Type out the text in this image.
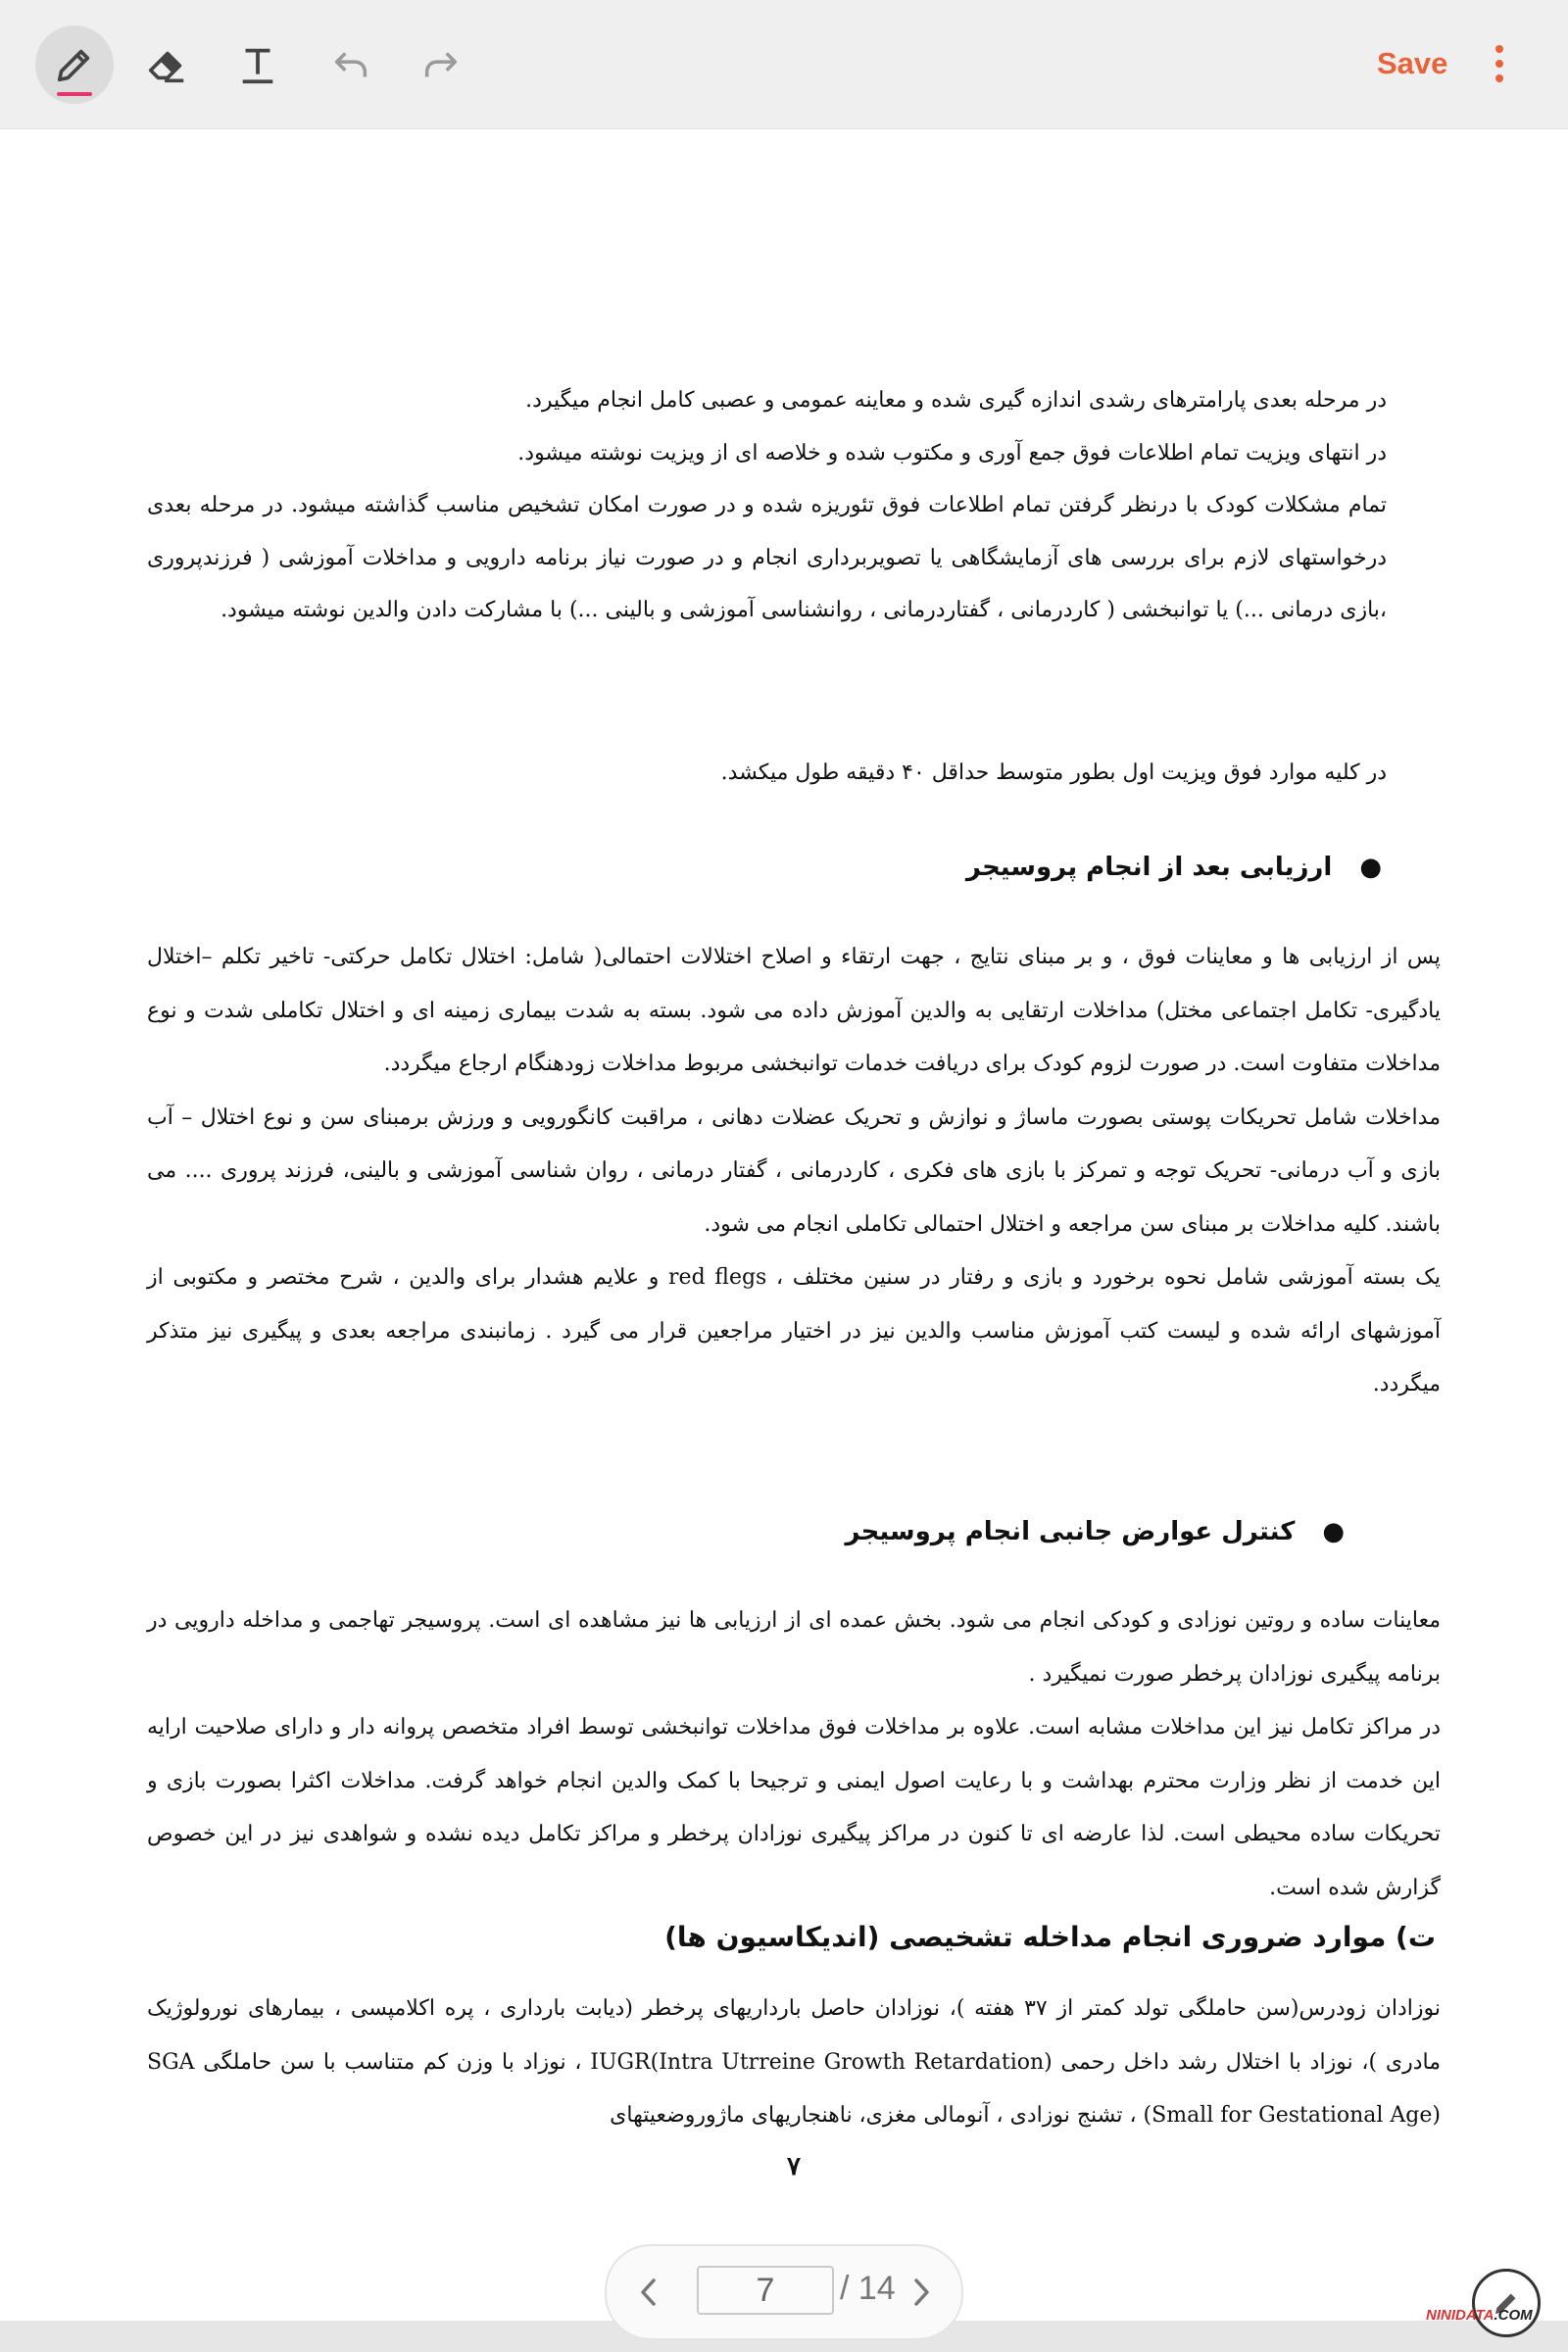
Save

در مرحله بعدی پارامترهای رشدی اندازه گیری شده و معاینه عمومی و عصبی کامل انجام میگیرد.

در انتهای ویزیت تمام اطلاعات فوق جمع آوری و مکتوب شده و خلاصه ای از ویزیت نوشته میشود.

تمام مشکلات کودک با درنظر گرفتن تمام اطلاعات فوق تئوریزه شده و در صورت امکان تشخیص مناسب گذاشته میشود. در مرحله بعدی درخواستهای لازم برای بررسی های آزمایشگاهی یا تصویربرداری انجام و در صورت نیاز برنامه دارویی و مداخلات آموزشی ( فرزندپروری ،بازی درمانی ...) یا توانبخشی ( کاردرمانی ، گفتاردرمانی ، روانشناسی آموزشی و بالینی ...) با مشارکت دادن والدین نوشته میشود.

در کلیه موارد فوق ویزیت اول بطور متوسط حداقل ۴۰ دقیقه طول میکشد.
●ارزیابی بعد از انجام پروسیجر

پس از ارزیابی ها و معاینات فوق ، و بر مبنای نتایج ، جهت ارتقاء و اصلاح اختلالات احتمالی( شامل: اختلال تکامل حرکتی- تاخیر تکلم –اختلال یادگیری- تکامل اجتماعی مختل) مداخلات ارتقایی به والدین آموزش داده می شود. بسته به شدت بیماری زمینه ای و اختلال تکاملی شدت و نوع مداخلات متفاوت است. در صورت لزوم کودک برای دریافت خدمات توانبخشی مربوط مداخلات زودهنگام ارجاع میگردد.

مداخلات شامل تحریکات پوستی بصورت ماساژ و نوازش و تحریک عضلات دهانی ، مراقبت کانگورویی و ورزش برمبنای سن و نوع اختلال – آب بازی و آب درمانی- تحریک توجه و تمرکز با بازی های فکری ، کاردرمانی ، گفتار درمانی ، روان شناسی آموزشی و بالینی، فرزند پروری .... می باشند. کلیه مداخلات بر مبنای سن مراجعه و اختلال احتمالی تکاملی انجام می شود.

یک بسته آموزشی شامل نحوه برخورد و بازی و رفتار در سنین مختلف ، red flegs و علایم هشدار برای والدین ، شرح مختصر و مکتوبی از آموزشهای ارائه شده و لیست کتب آموزش مناسب والدین نیز در اختیار مراجعین قرار می گیرد . زمانبندی مراجعه بعدی و پیگیری نیز متذکر میگردد.

●کنترل عوارض جانبی انجام پروسیجر

معاینات ساده و روتین نوزادی و کودکی انجام می شود. بخش عمده ای از ارزیابی ها نیز مشاهده ای است. پروسیجر تهاجمی و مداخله دارویی در برنامه پیگیری نوزادان پرخطر صورت نمیگیرد .

در مراکز تکامل نیز این مداخلات مشابه است. علاوه بر مداخلات فوق مداخلات توانبخشی توسط افراد متخصص پروانه دار و دارای صلاحیت ارایه این خدمت از نظر وزارت محترم بهداشت و با رعایت اصول ایمنی و ترجیحا با کمک والدین انجام خواهد گرفت. مداخلات اکثرا بصورت بازی و تحریکات ساده محیطی است. لذا عارضه ای تا کنون در مراکز پیگیری نوزادان پرخطر و مراکز تکامل دیده نشده و شواهدی نیز در این خصوص گزارش شده است.

ت) موارد ضروری انجام مداخله تشخیصی (اندیکاسیون ها)
نوزادان زودرس(سن حاملگی تولد کمتر از ۳۷ هفته )، نوزادان حاصل بارداریهای پرخطر (دیابت بارداری ، پره اکلامپسی ، بیمارهای نورولوژیک مادری )، نوزاد با اختلال رشد داخل رحمی IUGR(Intra Utrreine Growth Retardation) ، نوزاد با وزن کم متناسب با سن حاملگی SGA (Small for Gestational Age) ، تشنج نوزادی ، آنومالی مغزی، ناهنجاریهای ماژوروضعیتهای
۷
7
/ 14
NINIDATA.COM
